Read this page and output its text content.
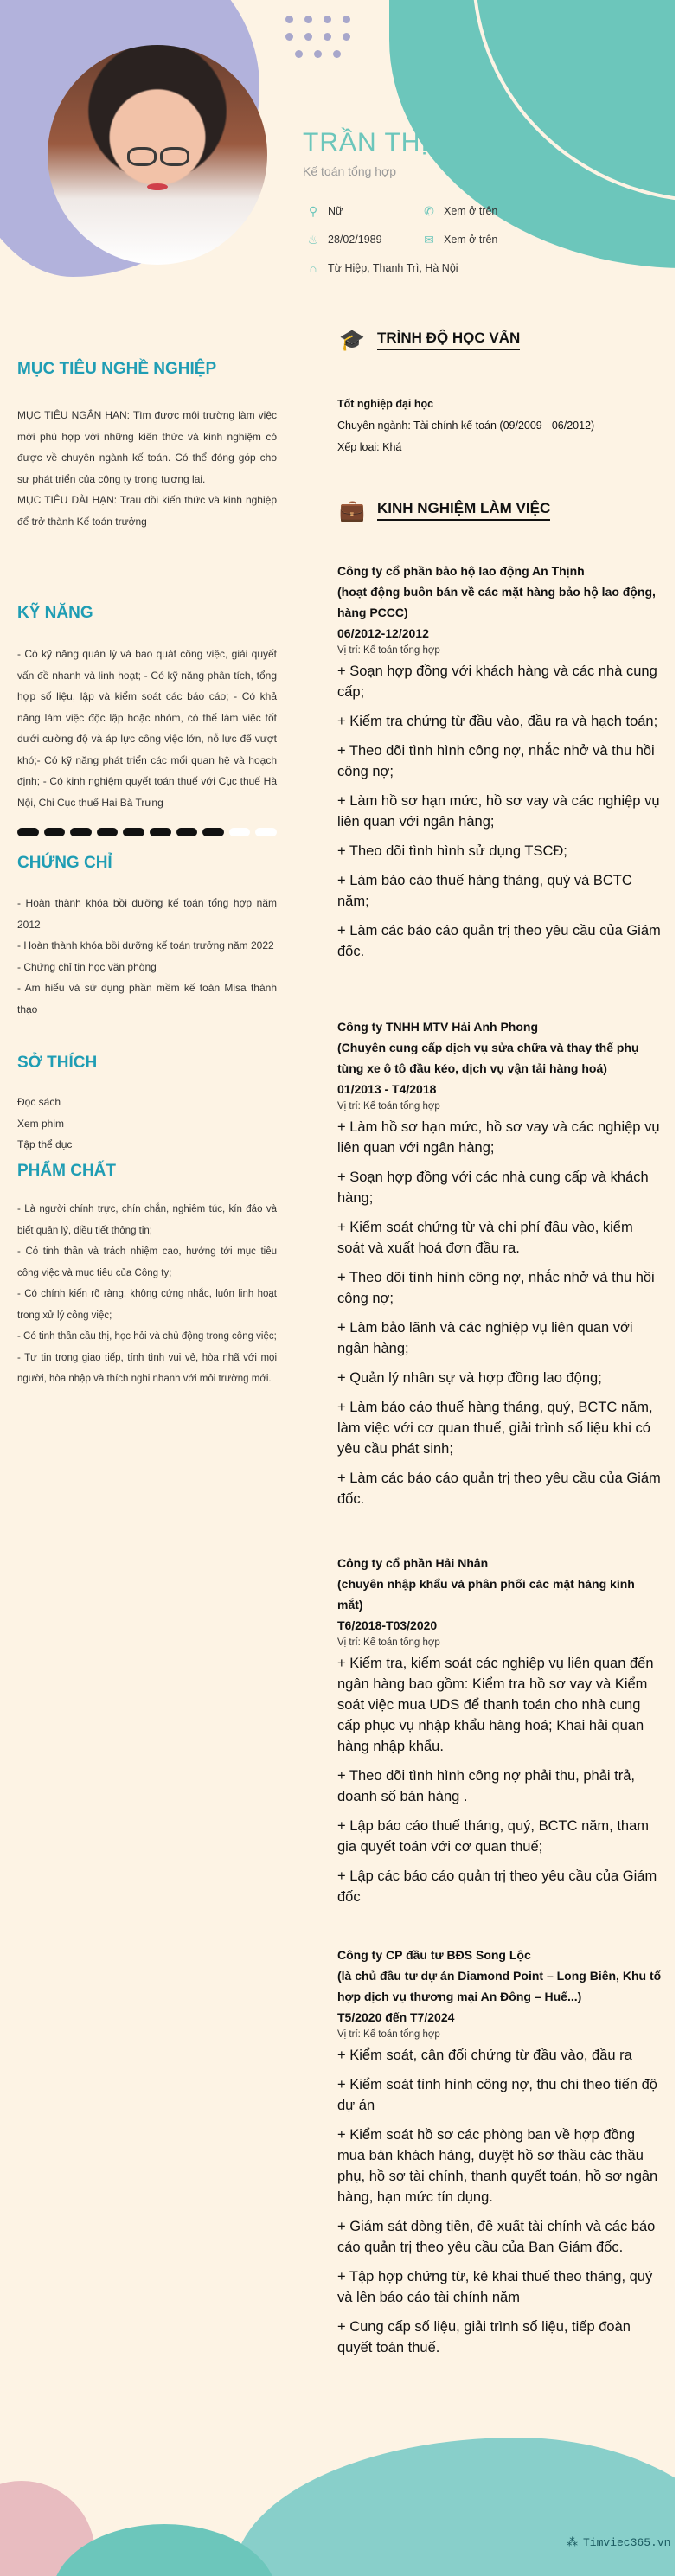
TRẦN THỊ HUẾ
Kế toán tổng hợp
⚲ Nữ	✆ Xem ở trên
♨ 28/02/1989	✉ Xem ở trên
⌂	Từ Hiệp, Thanh Trì, Hà Nội
MỤC TIÊU NGHỀ NGHIỆP

MỤC TIÊU NGẮN HẠN: Tìm được môi trường làm việc mới phù hợp với những kiến thức và kinh nghiệm có được về chuyên ngành kế toán. Có thể đóng góp cho sự phát triển của công ty trong tương lai.

MỤC TIÊU DÀI HẠN: Trau dồi kiến thức và kinh nghiệp để trở thành Kế toán trưởng

KỸ NĂNG
- Có kỹ năng quản lý và bao quát công việc, giải quyết vấn đề nhanh và linh hoạt; - Có kỹ năng phân tích, tổng hợp số liệu, lập và kiểm soát các báo cáo; - Có khả năng làm việc độc lập hoặc nhóm, có thể làm việc tốt dưới cường độ và áp lực công việc lớn, nỗ lực để vượt khó;- Có kỹ năng phát triển các mối quan hệ và hoạch định; - Có kinh nghiệm quyết toán thuế với Cục thuế Hà Nội, Chi Cục thuế Hai Bà Trưng
CHỨNG CHỈ

- Hoàn thành khóa bồi dưỡng kế toán tổng hợp năm 2012

- Hoàn thành khóa bồi dưỡng kế toán trưởng năm 2022

- Chứng chỉ tin học văn phòng

- Am hiểu và sử dụng phần mềm kế toán Misa thành thạo

SỞ THÍCH

Đọc sách

Xem phim

Tập thể dục

PHẨM CHẤT

- Là người chính trực, chín chắn, nghiêm túc, kín đáo và biết quản lý, điều tiết thông tin;

- Có tinh thần và trách nhiệm cao, hướng tới mục tiêu công việc và mục tiêu của Công ty;

- Có chính kiến rõ ràng, không cứng nhắc, luôn linh hoạt trong xử lý công việc;

- Có tinh thần cầu thị, học hỏi và chủ động trong công việc;

- Tự tin trong giao tiếp, tính tình vui vẻ, hòa nhã với mọi người, hòa nhập và thích nghi nhanh với môi trường mới.

🎓 TRÌNH ĐỘ HỌC VẤN
Tốt nghiệp đại học
Chuyên ngành: Tài chính kế toán (09/2009 - 06/2012)
Xếp loại: Khá
💼 KINH NGHIỆM LÀM VIỆC
Công ty cổ phần bảo hộ lao động An Thịnh
(hoạt động buôn bán về các mặt hàng bảo hộ lao động, hàng PCCC)
06/2012-12/2012
Vị trí: Kế toán tổng hợp
+ Soạn hợp đồng với khách hàng và các nhà cung cấp;
+ Kiểm tra chứng từ đầu vào, đầu ra và hạch toán;
+ Theo dõi tình hình công nợ, nhắc nhở và thu hồi công nợ;
+ Làm hồ sơ hạn mức, hồ sơ vay và các nghiệp vụ liên quan với ngân hàng;
+ Theo dõi tình hình sử dụng TSCĐ;
+ Làm báo cáo thuế hàng tháng, quý và BCTC năm;
+ Làm các báo cáo quản trị theo yêu cầu của Giám đốc.
Công ty TNHH MTV Hải Anh Phong
(Chuyên cung cấp dịch vụ sửa chữa và thay thế phụ tùng xe ô tô đầu kéo, dịch vụ vận tải hàng hoá)
01/2013 - T4/2018
Vị trí: Kế toán tổng hợp
+ Làm hồ sơ hạn mức, hồ sơ vay và các nghiệp vụ liên quan với ngân hàng;
+ Soạn hợp đồng với các nhà cung cấp và khách hàng;
+ Kiểm soát chứng từ và chi phí đầu vào, kiểm soát và xuất hoá đơn đầu ra.
+ Theo dõi tình hình công nợ, nhắc nhở và thu hồi công nợ;
+ Làm bảo lãnh và các nghiệp vụ liên quan với ngân hàng;
+ Quản lý nhân sự và hợp đồng lao động;
+ Làm báo cáo thuế hàng tháng, quý, BCTC năm, làm việc với cơ quan thuế, giải trình số liệu khi có yêu cầu phát sinh;
+ Làm các báo cáo quản trị theo yêu cầu của Giám đốc.
Công ty cổ phần Hải Nhân
(chuyên nhập khẩu và phân phối các mặt hàng kính mắt)
T6/2018-T03/2020
Vị trí: Kế toán tổng hợp
+ Kiểm tra, kiểm soát các nghiệp vụ liên quan đến ngân hàng bao gồm: Kiểm tra hồ sơ vay và Kiểm soát việc mua UDS để thanh toán cho nhà cung cấp phục vụ nhập khẩu hàng hoá; Khai hải quan hàng nhập khẩu.
+ Theo dõi tình hình công nợ phải thu, phải trả, doanh số bán hàng .
+ Lập báo cáo thuế tháng, quý, BCTC năm, tham gia quyết toán với cơ quan thuế;
+ Lập các báo cáo quản trị theo yêu cầu của Giám đốc
Công ty CP đầu tư BĐS Song Lộc
(là chủ đầu tư dự án Diamond Point – Long Biên, Khu tổ hợp dịch vụ thương mại An Đông – Huế...)
T5/2020 đến T7/2024
Vị trí: Kế toán tổng hợp
+ Kiểm soát, cân đối chứng từ đầu vào, đầu ra
+ Kiểm soát tình hình công nợ, thu chi theo tiến độ dự án
+ Kiểm soát hồ sơ các phòng ban về hợp đồng mua bán khách hàng, duyệt hồ sơ thầu các thầu phụ, hồ sơ tài chính, thanh quyết toán, hồ sơ ngân hàng, hạn mức tín dụng.
+ Giám sát dòng tiền, đề xuất tài chính và các báo cáo quản trị theo yêu cầu của Ban Giám đốc.
+ Tập hợp chứng từ, kê khai thuế theo tháng, quý và lên báo cáo tài chính năm
+ Cung cấp số liệu, giải trình số liệu, tiếp đoàn quyết toán thuế.
⁂ Timviec365.vn
